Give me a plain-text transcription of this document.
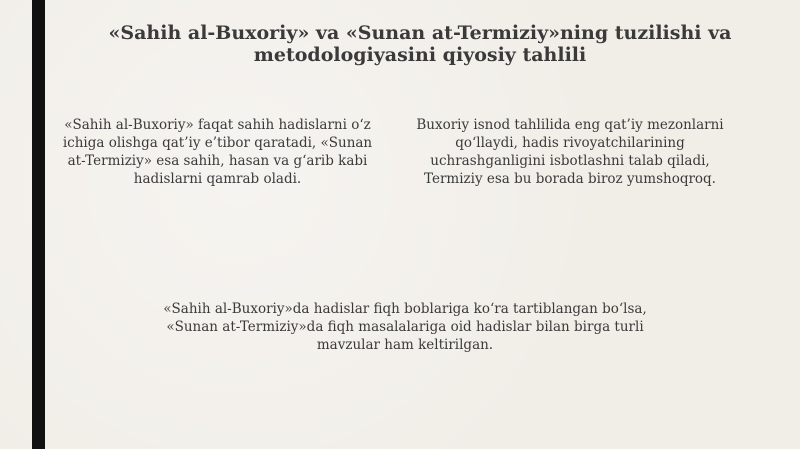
«Sahih al-Buxoriy» va «Sunan at-Termiziy»ning tuzilishi va metodologiyasini qiyosiy tahlili

«Sahih al-Buxoriy» faqat sahih hadislarni o‘z ichiga olishga qat’iy e’tibor qaratadi, «Sunan at-Termiziy» esa sahih, hasan va g‘arib kabi hadislarni qamrab oladi.

Buxoriy isnod tahlilida eng qat’iy mezonlarni qo‘llaydi, hadis rivoyatchilarining uchrashganligini isbotlashni talab qiladi, Termiziy esa bu borada biroz yumshoqroq.

«Sahih al-Buxoriy»da hadislar fiqh boblariga ko‘ra tartiblangan bo‘lsa, «Sunan at-Termiziy»da fiqh masalalariga oid hadislar bilan birga turli mavzular ham keltirilgan.
